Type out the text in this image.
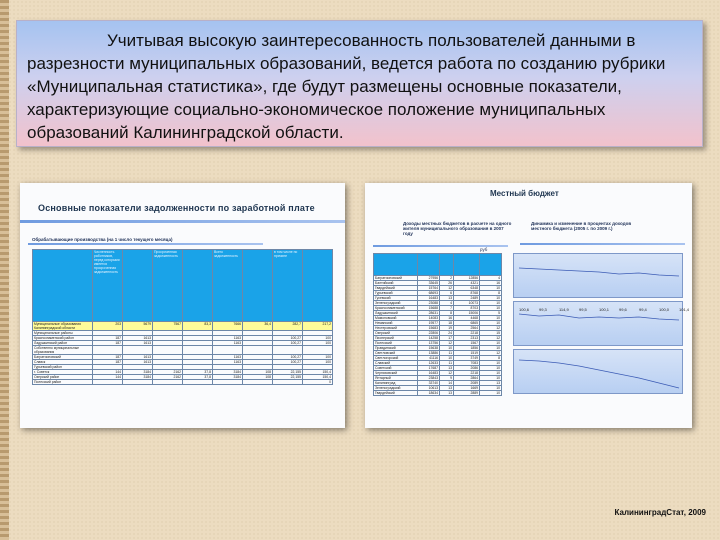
Учитывая высокую заинтересованность пользователей данными в разрезности муниципальных образований, ведется работа по созданию рубрики «Муниципальная статистика», где будут размещены основные показатели, характеризующие социально-экономическое положение муниципальных образований Калининградской области.

Основные показатели задолженности по заработной плате
Обрабатывающие производства (на 1 число текущего месяца)
	Численность работников, перед которыми имеется просроченная задолженность		Просроченная задолженность		Всего задолженность		в том числе по причине	
Муниципальные образования Калининградской области	203	5679	7567	83,3	7666	36,4	282,7	217,2
Муниципальные районы								
Краснознаменский район	187	1613			1163		100,27	100
Ладушкинский район	187	1613			1163		100,27	100
Собственно муниципальные образования								
Багратионовский	187	1613			1163		100,27	100
Славск	187	1613			1163		100,27	100
Гурьевский район								
г. Советск	144	3184	2162	37,8	3184	108	22,155	150,4
Озерский район	144	3184	2162	37,8	3184	108	22,155	150,4
Полесский район								0
Местный бюджет
Доходы местных бюджетов в расчете на одного жителя муниципального образования в 2007 году
Динамика и изменение в процентах доходов местного бюджета (2005 г. по 2009 г.)
руб

Багратионовский	27956	2	12856	4
Балтийский	33645	26	4321	16
Гвардейский	15764	12	6348	10
Гурьевский	68693	6	8768	8
Гусевский	16483	13	2489	10
Зеленоградский	23088	4	10073	10
Краснознаменский	15688	7	8703	10
Ладушкинский	28631	8	15006	5
Мамоновский	14083	16	4468	10
Неманский	19577	18	6865	10
Нестеровский	15683	19	2564	12
Озерский	22806	24	2218	15
Пионерский	14258	17	2313	12
Полесский	13756	12	1567	10
Правдинский	15638	10	1856	10
Светловский	13886	11	1519	12
Светлогорский	41116	10	3749	8
Славский	12633	11	7083	10
Советский	17687	13	2086	10
Черняховский	16483	12	2218	10
Янтарный	23843	9	2864	10
Калининград	33740	14	2089	13
Зеленоградский	10613	13	1669	10
Гвардейский	18634	13	2889	10
100,6 99,3	114,9	99,5	100,1 99,6	99,4	100,0 101,4
КалининградСтат, 2009
